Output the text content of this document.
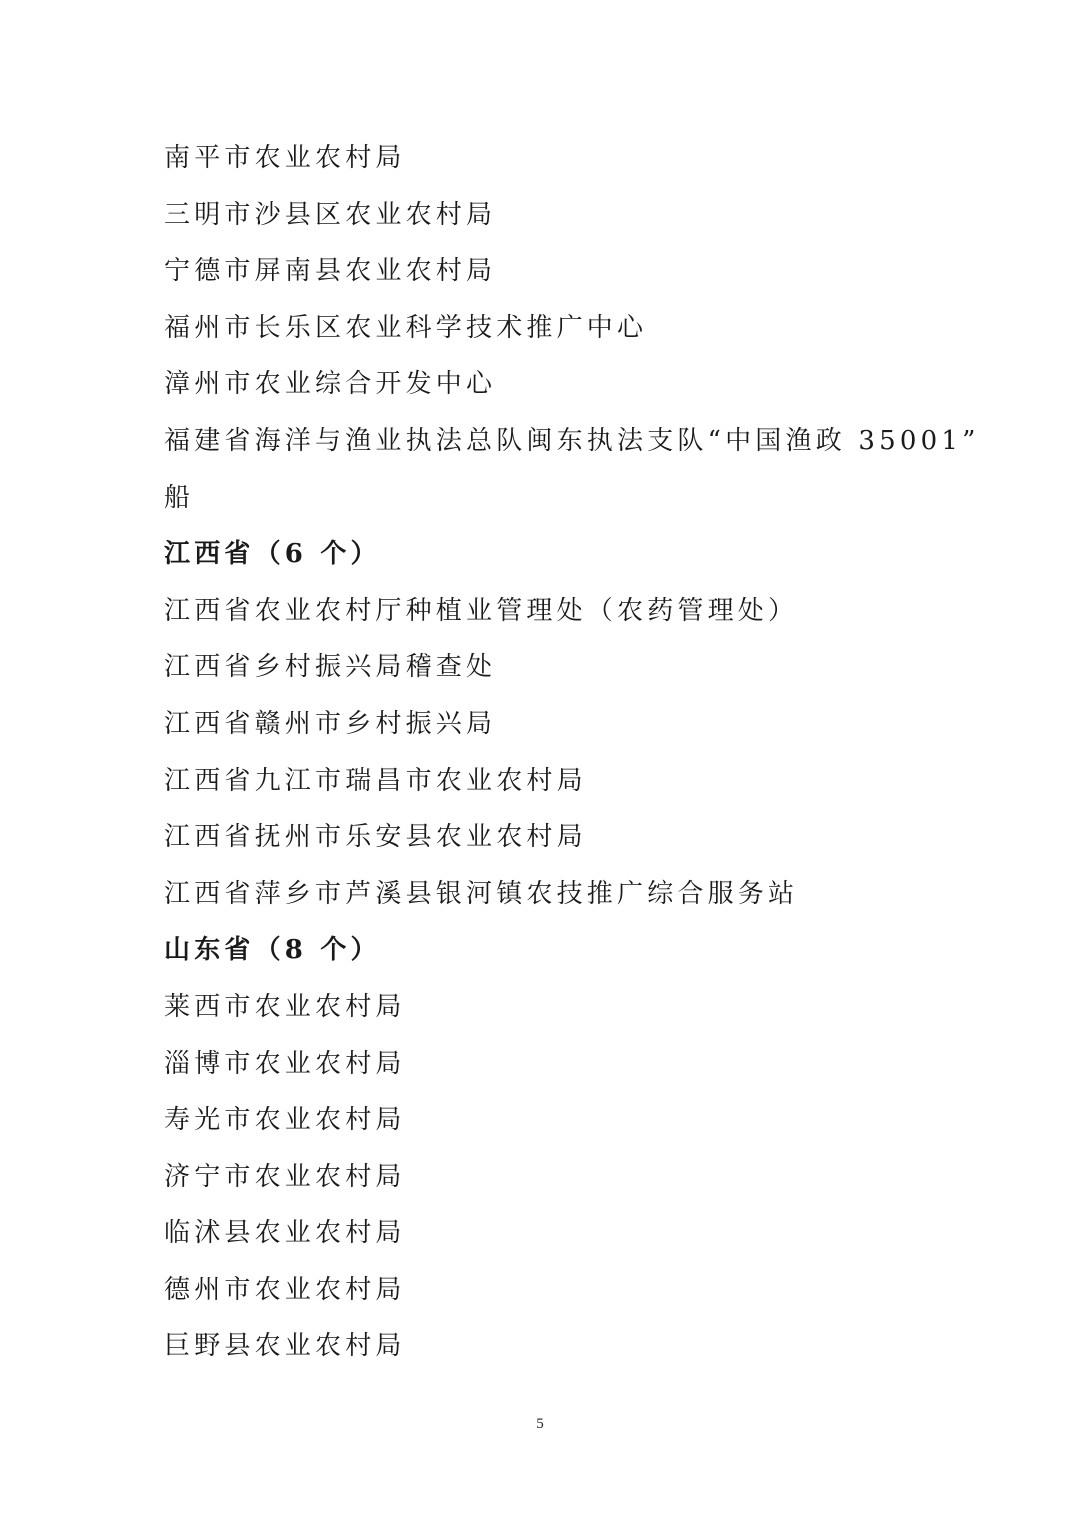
南平市农业农村局
三明市沙县区农业农村局
宁德市屏南县农业农村局
福州市长乐区农业科学技术推广中心
漳州市农业综合开发中心
福建省海洋与渔业执法总队闽东执法支队“中国渔政 35001”
船
江西省（6 个）
江西省农业农村厅种植业管理处（农药管理处）
江西省乡村振兴局稽查处
江西省赣州市乡村振兴局
江西省九江市瑞昌市农业农村局
江西省抚州市乐安县农业农村局
江西省萍乡市芦溪县银河镇农技推广综合服务站
山东省（8 个）
莱西市农业农村局
淄博市农业农村局
寿光市农业农村局
济宁市农业农村局
临沭县农业农村局
德州市农业农村局
巨野县农业农村局
5
